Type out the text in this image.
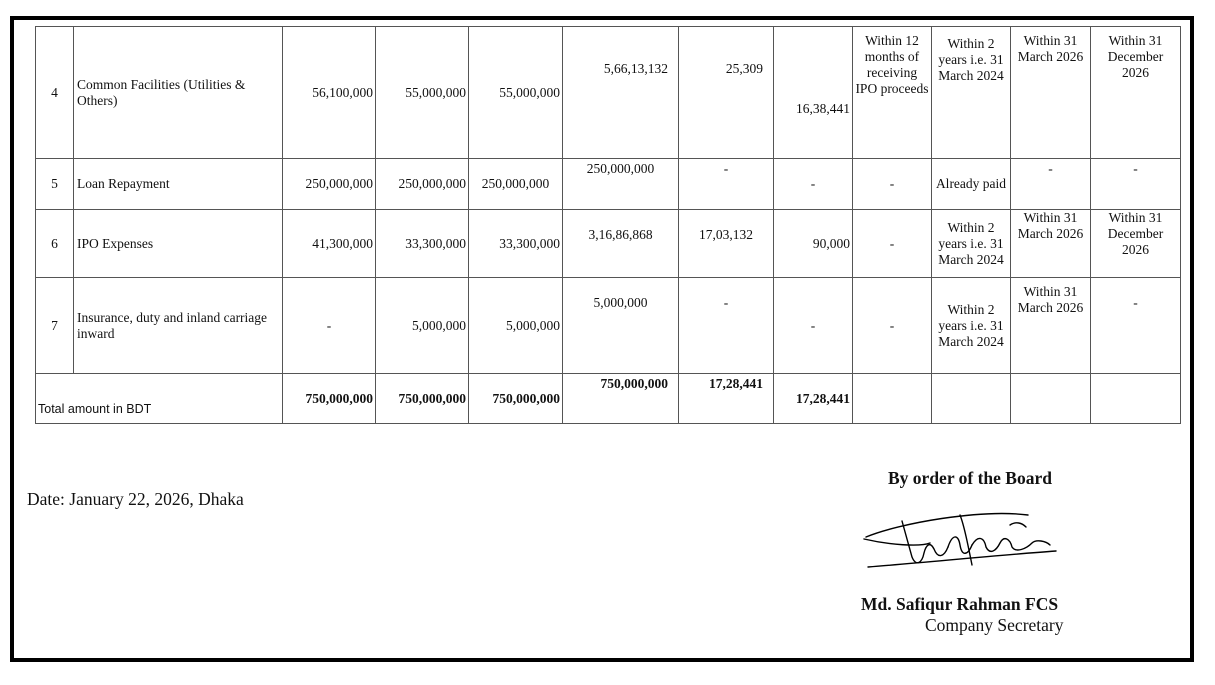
4	Common Facilities (Utilities & Others)	56,100,000	55,000,000	55,000,000	5,66,13,132	25,309	16,38,441	Within 12 months of receiving IPO proceeds	Within 2 years i.e. 31 March 2024	Within 31 March 2026	Within 31 December 2026
5	Loan Repayment	250,000,000	250,000,000	250,000,000	250,000,000	-	-	-	Already paid	-	-
6	IPO Expenses	41,300,000	33,300,000	33,300,000	3,16,86,868	17,03,132	90,000	-	Within 2 years i.e. 31 March 2024	Within 31 March 2026	Within 31 December 2026
7	Insurance, duty and inland carriage inward	-	5,000,000	5,000,000	5,000,000	-	-	-	Within 2 years i.e. 31 March 2024	Within 31 March 2026	-
Total amount in BDT		750,000,000	750,000,000	750,000,000	750,000,000	17,28,441	17,28,441				
Date: January 22, 2026, Dhaka
By order of the Board
Md. Safiqur Rahman FCS
Company Secretary
